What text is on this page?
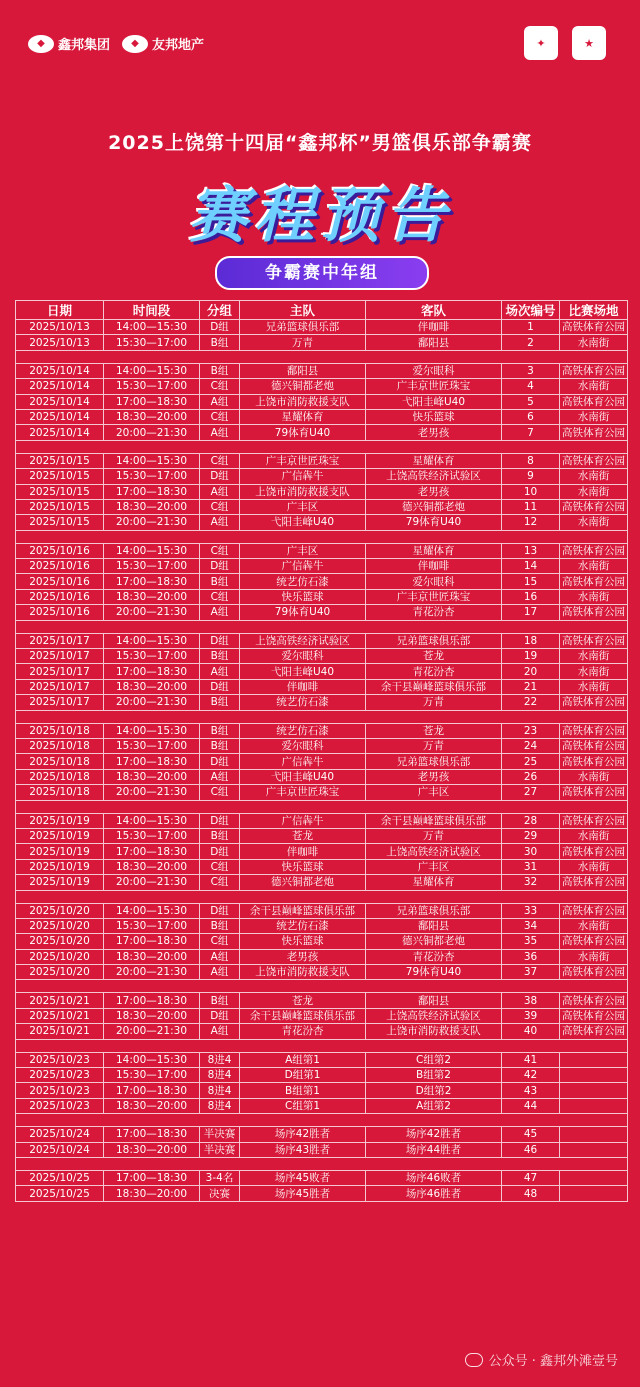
◆	鑫邦集团	◆	友邦地产	✦	★
2025上饶第十四届“鑫邦杯”男篮俱乐部争霸赛
赛程预告
争霸赛中年组
日期	时间段	分组	主队	客队	场次编号	比赛场地
2025/10/13	14:00—15:30	D组	兄弟篮球俱乐部	伴咖啡	1	高铁体育公园
2025/10/13	15:30—17:00	B组	万青	鄱阳县	2	水南街

2025/10/14	14:00—15:30	B组	鄱阳县	爱尔眼科	3	高铁体育公园
2025/10/14	15:30—17:00	C组	德兴铜都老炮	广丰京世匠珠宝	4	水南街
2025/10/14	17:00—18:30	A组	上饶市消防救援支队	弋阳圭峰U40	5	高铁体育公园
2025/10/14	18:30—20:00	C组	星耀体育	快乐篮球	6	水南街
2025/10/14	20:00—21:30	A组	79体育U40	老男孩	7	高铁体育公园

2025/10/15	14:00—15:30	C组	广丰京世匠珠宝	星耀体育	8	高铁体育公园
2025/10/15	15:30—17:00	D组	广信犇牛	上饶高铁经济试验区	9	水南街
2025/10/15	17:00—18:30	A组	上饶市消防救援支队	老男孩	10	水南街
2025/10/15	18:30—20:00	C组	广丰区	德兴铜都老炮	11	高铁体育公园
2025/10/15	20:00—21:30	A组	弋阳圭峰U40	79体育U40	12	水南街

2025/10/16	14:00—15:30	C组	广丰区	星耀体育	13	高铁体育公园
2025/10/16	15:30—17:00	D组	广信犇牛	伴咖啡	14	水南街
2025/10/16	17:00—18:30	B组	统艺仿石漆	爱尔眼科	15	高铁体育公园
2025/10/16	18:30—20:00	C组	快乐篮球	广丰京世匠珠宝	16	水南街
2025/10/16	20:00—21:30	A组	79体育U40	青花汾杏	17	高铁体育公园

2025/10/17	14:00—15:30	D组	上饶高铁经济试验区	兄弟篮球俱乐部	18	高铁体育公园
2025/10/17	15:30—17:00	B组	爱尔眼科	苍龙	19	水南街
2025/10/17	17:00—18:30	A组	弋阳圭峰U40	青花汾杏	20	水南街
2025/10/17	18:30—20:00	D组	伴咖啡	余干县巅峰篮球俱乐部	21	水南街
2025/10/17	20:00—21:30	B组	统艺仿石漆	万青	22	高铁体育公园

2025/10/18	14:00—15:30	B组	统艺仿石漆	苍龙	23	高铁体育公园
2025/10/18	15:30—17:00	B组	爱尔眼科	万青	24	高铁体育公园
2025/10/18	17:00—18:30	D组	广信犇牛	兄弟篮球俱乐部	25	高铁体育公园
2025/10/18	18:30—20:00	A组	弋阳圭峰U40	老男孩	26	水南街
2025/10/18	20:00—21:30	C组	广丰京世匠珠宝	广丰区	27	高铁体育公园

2025/10/19	14:00—15:30	D组	广信犇牛	余干县巅峰篮球俱乐部	28	高铁体育公园
2025/10/19	15:30—17:00	B组	苍龙	万青	29	水南街
2025/10/19	17:00—18:30	D组	伴咖啡	上饶高铁经济试验区	30	高铁体育公园
2025/10/19	18:30—20:00	C组	快乐篮球	广丰区	31	水南街
2025/10/19	20:00—21:30	C组	德兴铜都老炮	星耀体育	32	高铁体育公园

2025/10/20	14:00—15:30	D组	余干县巅峰篮球俱乐部	兄弟篮球俱乐部	33	高铁体育公园
2025/10/20	15:30—17:00	B组	统艺仿石漆	鄱阳县	34	水南街
2025/10/20	17:00—18:30	C组	快乐篮球	德兴铜都老炮	35	高铁体育公园
2025/10/20	18:30—20:00	A组	老男孩	青花汾杏	36	水南街
2025/10/20	20:00—21:30	A组	上饶市消防救援支队	79体育U40	37	高铁体育公园

2025/10/21	17:00—18:30	B组	苍龙	鄱阳县	38	高铁体育公园
2025/10/21	18:30—20:00	D组	余干县巅峰篮球俱乐部	上饶高铁经济试验区	39	高铁体育公园
2025/10/21	20:00—21:30	A组	青花汾杏	上饶市消防救援支队	40	高铁体育公园

2025/10/23	14:00—15:30	8进4	A组第1	C组第2	41	
2025/10/23	15:30—17:00	8进4	D组第1	B组第2	42	
2025/10/23	17:00—18:30	8进4	B组第1	D组第2	43	
2025/10/23	18:30—20:00	8进4	C组第1	A组第2	44	

2025/10/24	17:00—18:30	半决赛	场序42胜者	场序42胜者	45	
2025/10/24	18:30—20:00	半决赛	场序43胜者	场序44胜者	46	

2025/10/25	17:00—18:30	3-4名	场序45败者	场序46败者	47	
2025/10/25	18:30—20:00	决赛	场序45胜者	场序46胜者	48	
公众号 · 鑫邦外滩壹号
